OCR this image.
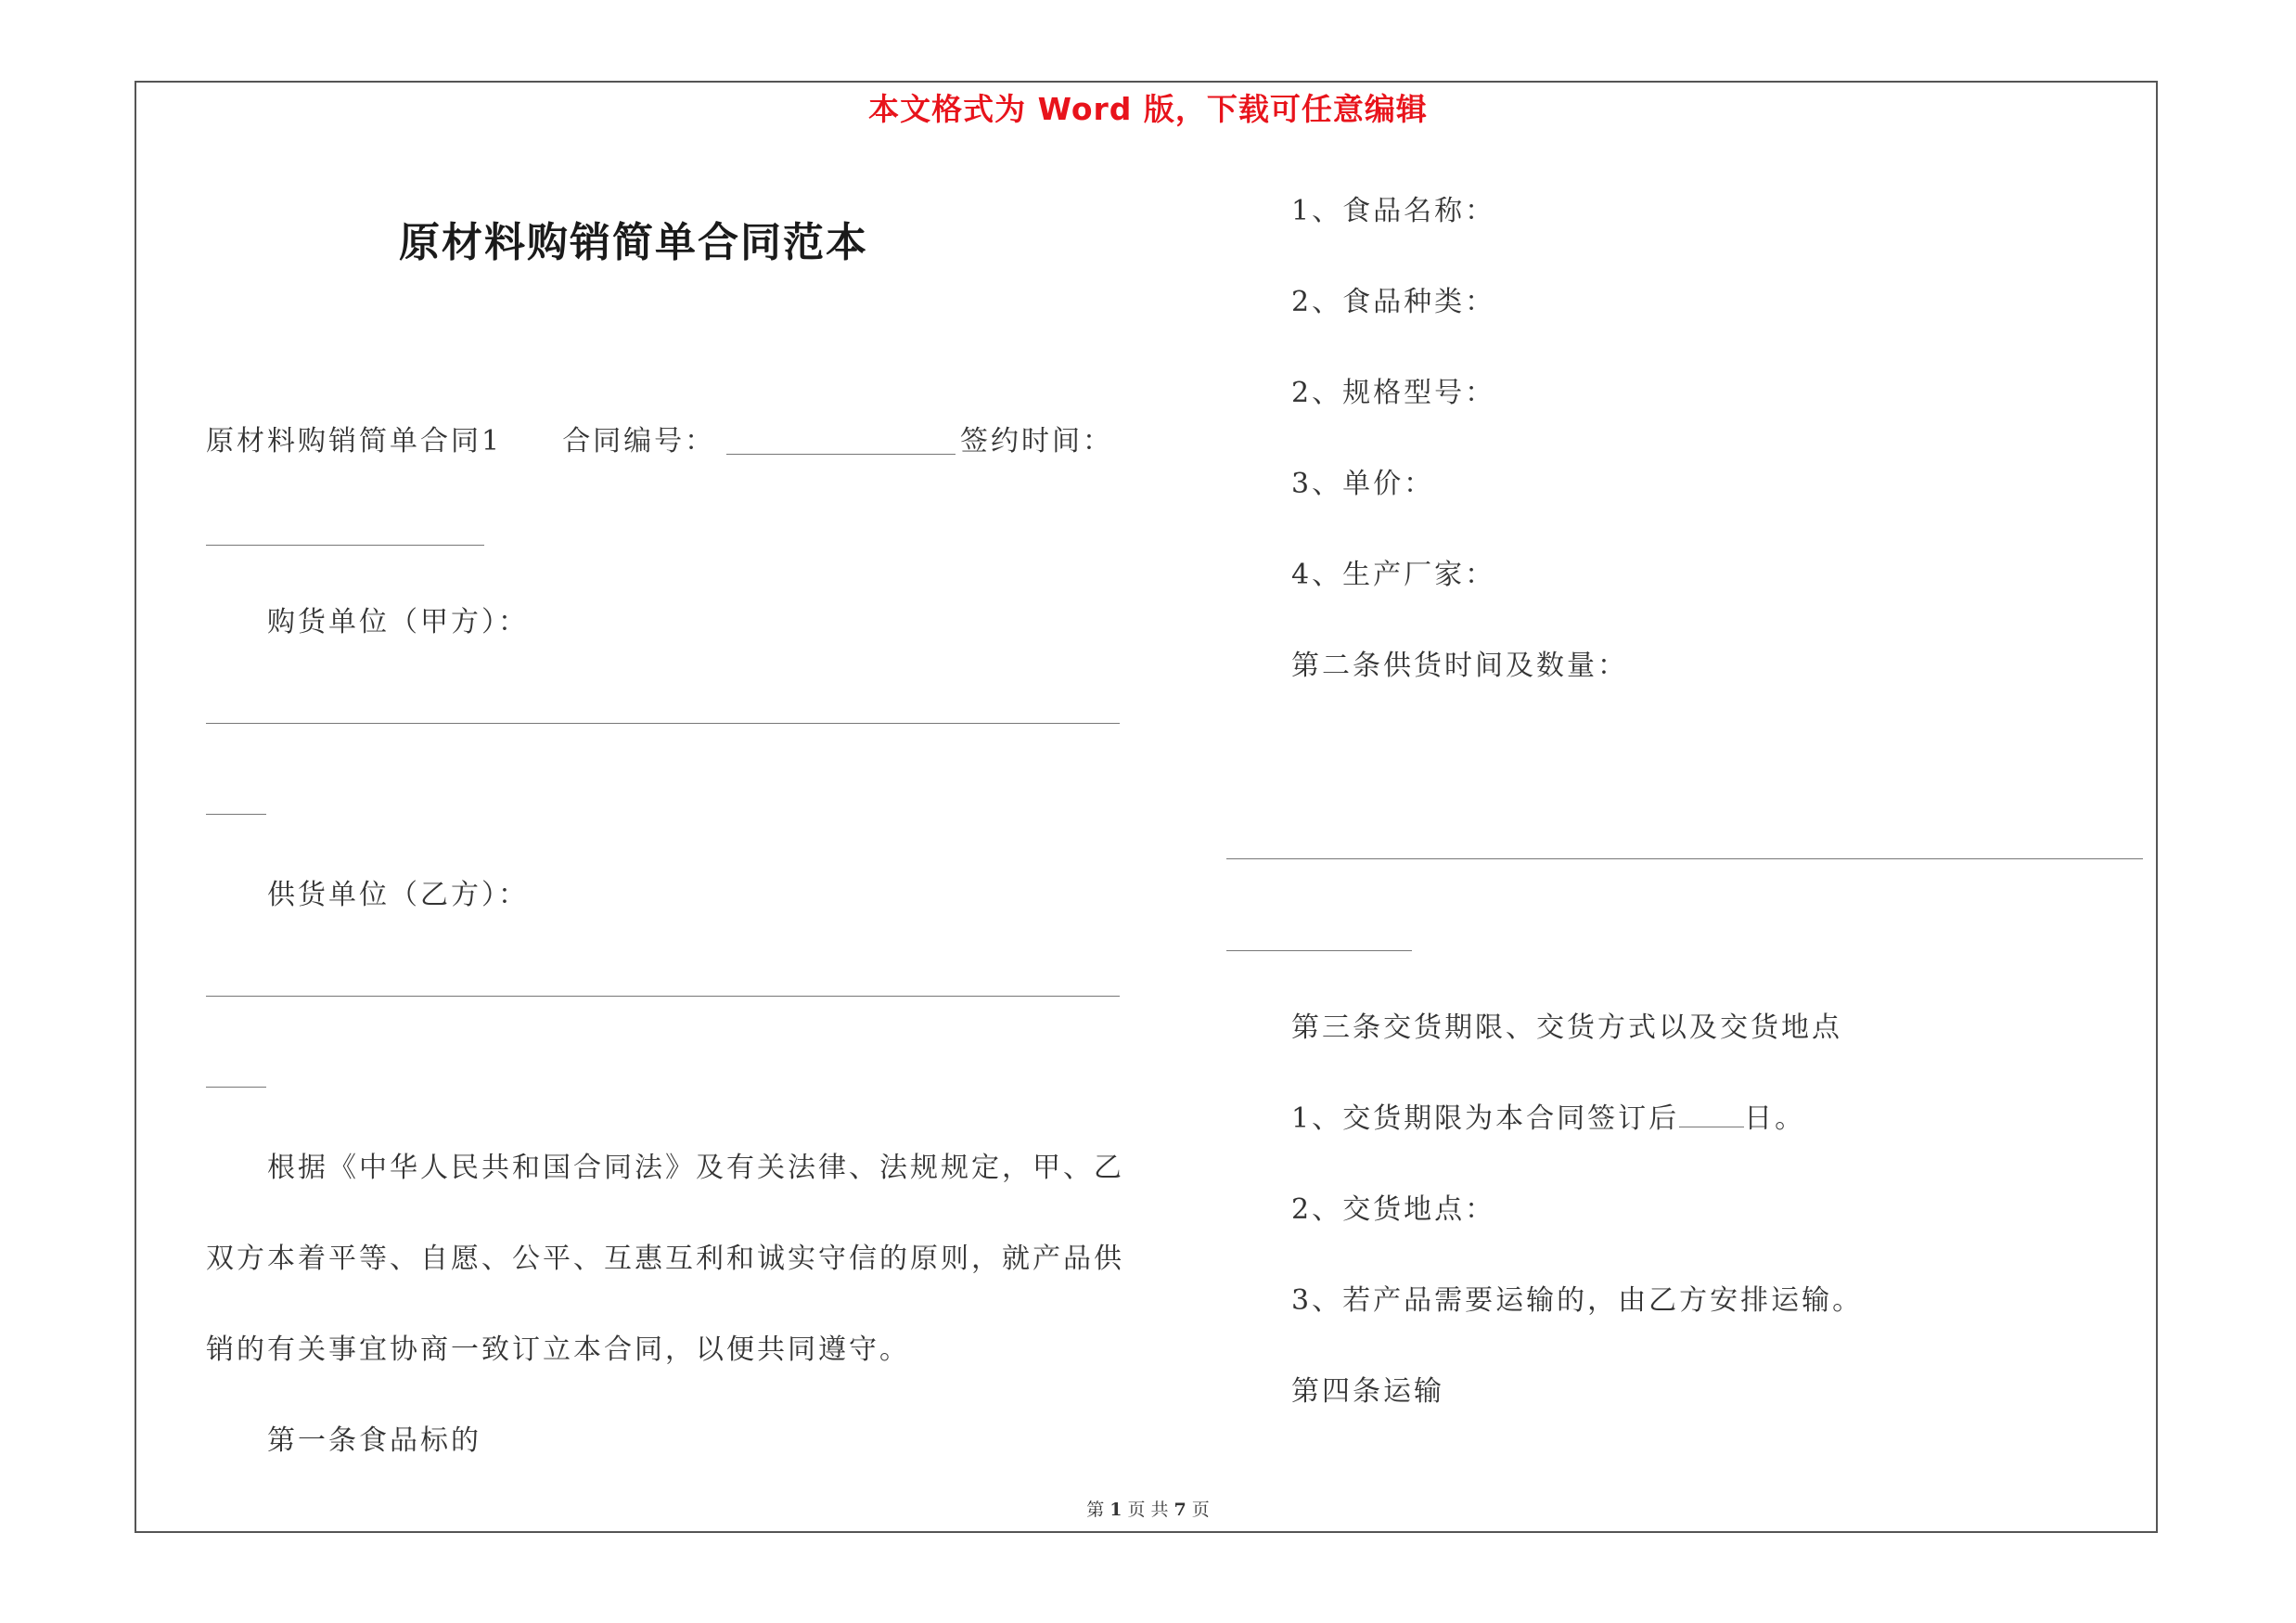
本文格式为 Word 版，下载可任意编辑
原材料购销简单合同范本
原材料购销简单合同1 合同编号：	签约时间：
购货单位（甲方）：
供货单位（乙方）：
根据《中华人民共和国合同法》及有关法律、法规规定，甲、乙
双方本着平等、自愿、公平、互惠互利和诚实守信的原则，就产品供
销的有关事宜协商一致订立本合同，以便共同遵守。
第一条食品标的
1、食品名称：
2、食品种类：
2、规格型号：
3、单价：
4、生产厂家：
第二条供货时间及数量：
第三条交货期限、交货方式以及交货地点
1、交货期限为本合同签订后 日。
2、交货地点：
3、若产品需要运输的，由乙方安排运输。
第四条运输
第 1 页 共 7 页
